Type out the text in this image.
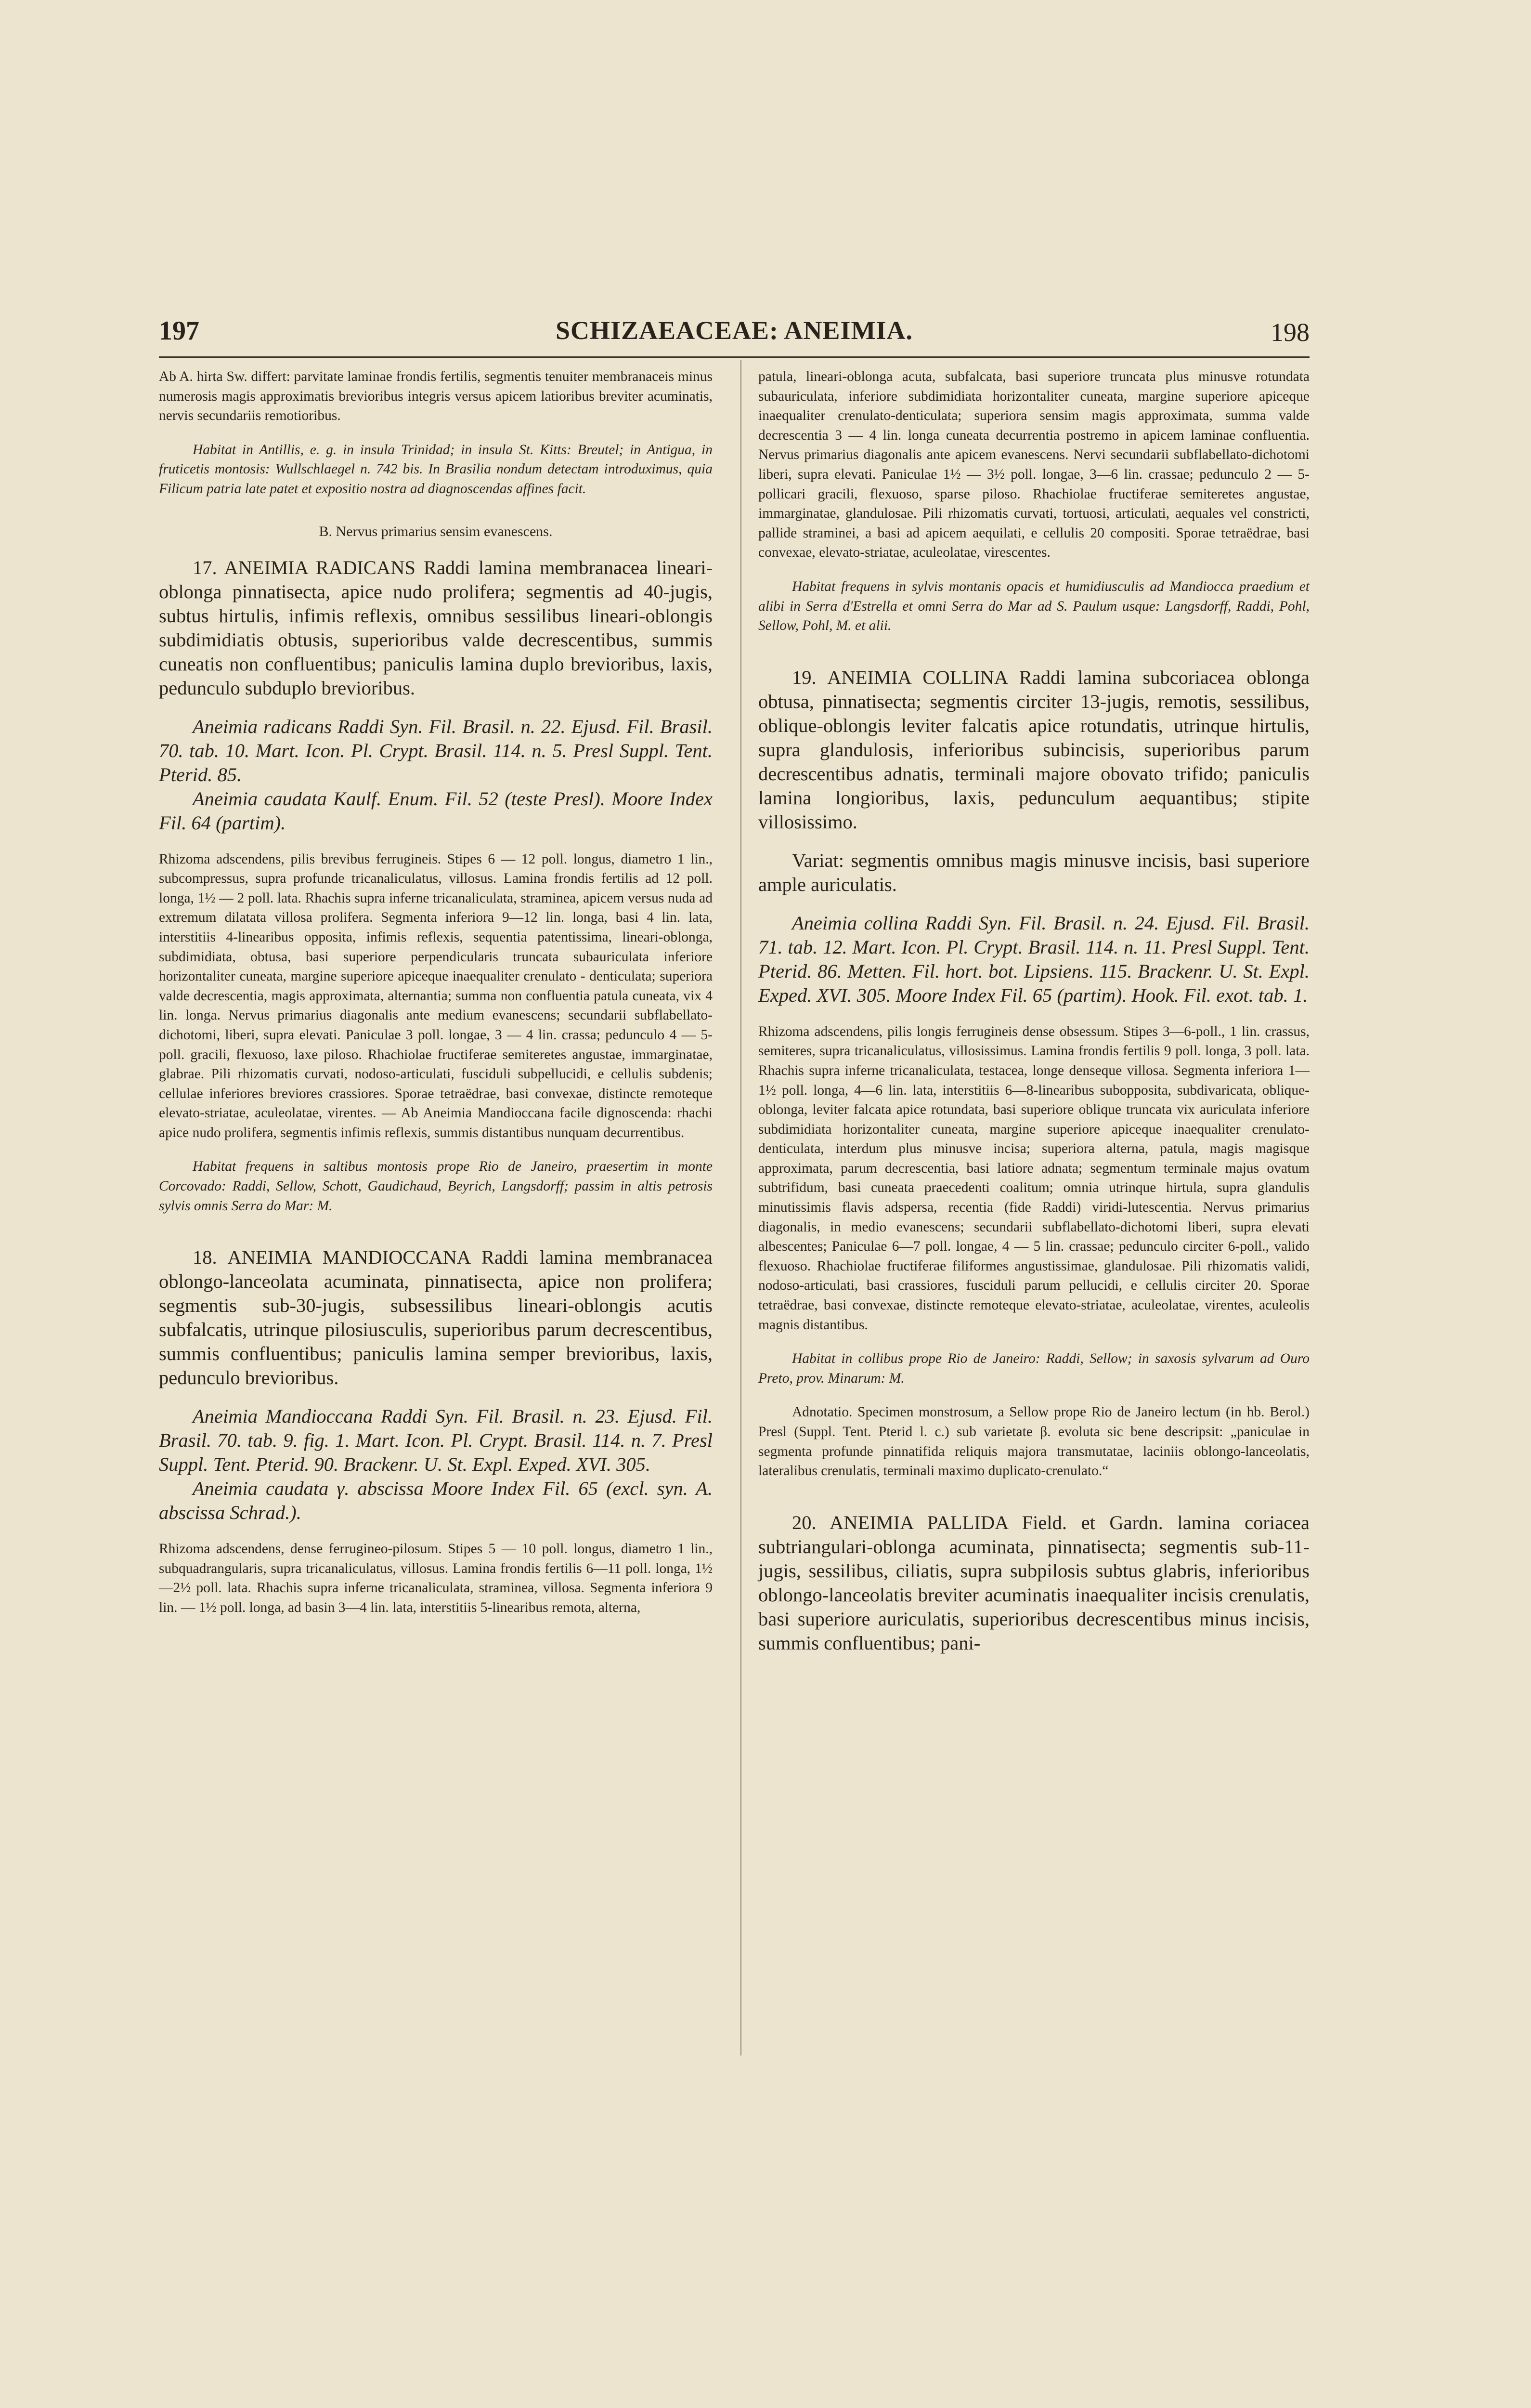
197	SCHIZAEACEAE: ANEIMIA.	198

Ab A. hirta Sw. differt: parvitate laminae frondis fertilis, segmentis tenuiter membranaceis minus numerosis magis approximatis brevioribus integris versus apicem latioribus breviter acuminatis, nervis secundariis remotioribus.

Habitat in Antillis, e. g. in insula Trinidad; in insula St. Kitts: Breutel; in Antigua, in fruticetis montosis: Wullschlaegel n. 742 bis. In Brasilia nondum detectam introduximus, quia Filicum patria late patet et expositio nostra ad diagnoscendas affines facit.

B. Nervus primarius sensim evanescens.

17. ANEIMIA RADICANS Raddi lamina membranacea lineari-oblonga pinnatisecta, apice nudo prolifera; segmentis ad 40-jugis, subtus hirtulis, infimis reflexis, omnibus sessilibus lineari-oblongis subdimidiatis obtusis, superioribus valde decrescentibus, summis cuneatis non confluentibus; paniculis lamina duplo brevioribus, laxis, pedunculo subduplo brevioribus.

Aneimia radicans Raddi Syn. Fil. Brasil. n. 22. Ejusd. Fil. Brasil. 70. tab. 10. Mart. Icon. Pl. Crypt. Brasil. 114. n. 5. Presl Suppl. Tent. Pterid. 85.

Aneimia caudata Kaulf. Enum. Fil. 52 (teste Presl). Moore Index Fil. 64 (partim).

Rhizoma adscendens, pilis brevibus ferrugineis. Stipes 6 — 12 poll. longus, diametro 1 lin., subcompressus, supra profunde tricanaliculatus, villosus. Lamina frondis fertilis ad 12 poll. longa, 1½ — 2 poll. lata. Rhachis supra inferne tricanaliculata, straminea, apicem versus nuda ad extremum dilatata villosa prolifera. Segmenta inferiora 9—12 lin. longa, basi 4 lin. lata, interstitiis 4-linearibus opposita, infimis reflexis, sequentia patentissima, lineari-oblonga, subdimidiata, obtusa, basi superiore perpendicularis truncata subauriculata inferiore horizontaliter cuneata, margine superiore apiceque inaequaliter crenulato - denticulata; superiora valde decrescentia, magis approximata, alternantia; summa non confluentia patula cuneata, vix 4 lin. longa. Nervus primarius diagonalis ante medium evanescens; secundarii subflabellato-dichotomi, liberi, supra elevati. Paniculae 3 poll. longae, 3 — 4 lin. crassa; pedunculo 4 — 5-poll. gracili, flexuoso, laxe piloso. Rhachiolae fructiferae semiteretes angustae, immarginatae, glabrae. Pili rhizomatis curvati, nodoso-articulati, fusciduli subpellucidi, e cellulis subdenis; cellulae inferiores breviores crassiores. Sporae tetraëdrae, basi convexae, distincte remoteque elevato-striatae, aculeolatae, virentes. — Ab Aneimia Mandioccana facile dignoscenda: rhachi apice nudo prolifera, segmentis infimis reflexis, summis distantibus nunquam decurrentibus.

Habitat frequens in saltibus montosis prope Rio de Janeiro, praesertim in monte Corcovado: Raddi, Sellow, Schott, Gaudichaud, Beyrich, Langsdorff; passim in altis petrosis sylvis omnis Serra do Mar: M.

18. ANEIMIA MANDIOCCANA Raddi lamina membranacea oblongo-lanceolata acuminata, pinnatisecta, apice non prolifera; segmentis sub-30-jugis, subsessilibus lineari-oblongis acutis subfalcatis, utrinque pilosiusculis, superioribus parum decrescentibus, summis confluentibus; paniculis lamina semper brevioribus, laxis, pedunculo brevioribus.

Aneimia Mandioccana Raddi Syn. Fil. Brasil. n. 23. Ejusd. Fil. Brasil. 70. tab. 9. fig. 1. Mart. Icon. Pl. Crypt. Brasil. 114. n. 7. Presl Suppl. Tent. Pterid. 90. Brackenr. U. St. Expl. Exped. XVI. 305.

Aneimia caudata γ. abscissa Moore Index Fil. 65 (excl. syn. A. abscissa Schrad.).

Rhizoma adscendens, dense ferrugineo-pilosum. Stipes 5 — 10 poll. longus, diametro 1 lin., subquadrangularis, supra tricanaliculatus, villosus. Lamina frondis fertilis 6—11 poll. longa, 1½—2½ poll. lata. Rhachis supra inferne tricanaliculata, straminea, villosa. Segmenta inferiora 9 lin. — 1½ poll. longa, ad basin 3—4 lin. lata, interstitiis 5-linearibus remota, alterna,

patula, lineari-oblonga acuta, subfalcata, basi superiore truncata plus minusve rotundata subauriculata, inferiore subdimidiata horizontaliter cuneata, margine superiore apiceque inaequaliter crenulato-denticulata; superiora sensim magis approximata, summa valde decrescentia 3 — 4 lin. longa cuneata decurrentia postremo in apicem laminae confluentia. Nervus primarius diagonalis ante apicem evanescens. Nervi secundarii subflabellato-dichotomi liberi, supra elevati. Paniculae 1½ — 3½ poll. longae, 3—6 lin. crassae; pedunculo 2 — 5-pollicari gracili, flexuoso, sparse piloso. Rhachiolae fructiferae semiteretes angustae, immarginatae, glandulosae. Pili rhizomatis curvati, tortuosi, articulati, aequales vel constricti, pallide straminei, a basi ad apicem aequilati, e cellulis 20 compositi. Sporae tetraëdrae, basi convexae, elevato-striatae, aculeolatae, virescentes.

Habitat frequens in sylvis montanis opacis et humidiusculis ad Mandiocca praedium et alibi in Serra d'Estrella et omni Serra do Mar ad S. Paulum usque: Langsdorff, Raddi, Pohl, Sellow, Pohl, M. et alii.

19. ANEIMIA COLLINA Raddi lamina subcoriacea oblonga obtusa, pinnatisecta; segmentis circiter 13-jugis, remotis, sessilibus, oblique-oblongis leviter falcatis apice rotundatis, utrinque hirtulis, supra glandulosis, inferioribus subincisis, superioribus parum decrescentibus adnatis, terminali majore obovato trifido; paniculis lamina longioribus, laxis, pedunculum aequantibus; stipite villosissimo.

Variat: segmentis omnibus magis minusve incisis, basi superiore ample auriculatis.

Aneimia collina Raddi Syn. Fil. Brasil. n. 24. Ejusd. Fil. Brasil. 71. tab. 12. Mart. Icon. Pl. Crypt. Brasil. 114. n. 11. Presl Suppl. Tent. Pterid. 86. Metten. Fil. hort. bot. Lipsiens. 115. Brackenr. U. St. Expl. Exped. XVI. 305. Moore Index Fil. 65 (partim). Hook. Fil. exot. tab. 1.

Rhizoma adscendens, pilis longis ferrugineis dense obsessum. Stipes 3—6-poll., 1 lin. crassus, semiteres, supra tricanaliculatus, villosissimus. Lamina frondis fertilis 9 poll. longa, 3 poll. lata. Rhachis supra inferne tricanaliculata, testacea, longe denseque villosa. Segmenta inferiora 1—1½ poll. longa, 4—6 lin. lata, interstitiis 6—8-linearibus subopposita, subdivaricata, oblique-oblonga, leviter falcata apice rotundata, basi superiore oblique truncata vix auriculata inferiore subdimidiata horizontaliter cuneata, margine superiore apiceque inaequaliter crenulato-denticulata, interdum plus minusve incisa; superiora alterna, patula, magis magisque approximata, parum decrescentia, basi latiore adnata; segmentum terminale majus ovatum subtrifidum, basi cuneata praecedenti coalitum; omnia utrinque hirtula, supra glandulis minutissimis flavis adspersa, recentia (fide Raddi) viridi-lutescentia. Nervus primarius diagonalis, in medio evanescens; secundarii subflabellato-dichotomi liberi, supra elevati albescentes; Paniculae 6—7 poll. longae, 4 — 5 lin. crassae; pedunculo circiter 6-poll., valido flexuoso. Rhachiolae fructiferae filiformes angustissimae, glandulosae. Pili rhizomatis validi, nodoso-articulati, basi crassiores, fusciduli parum pellucidi, e cellulis circiter 20. Sporae tetraëdrae, basi convexae, distincte remoteque elevato-striatae, aculeolatae, virentes, aculeolis magnis distantibus.

Habitat in collibus prope Rio de Janeiro: Raddi, Sellow; in saxosis sylvarum ad Ouro Preto, prov. Minarum: M.

Adnotatio. Specimen monstrosum, a Sellow prope Rio de Janeiro lectum (in hb. Berol.) Presl (Suppl. Tent. Pterid l. c.) sub varietate β. evoluta sic bene descripsit: „paniculae in segmenta profunde pinnatifida reliquis majora transmutatae, laciniis oblongo-lanceolatis, lateralibus crenulatis, terminali maximo duplicato-crenulato.“

20. ANEIMIA PALLIDA Field. et Gardn. lamina coriacea subtriangulari-oblonga acuminata, pinnatisecta; segmentis sub-11-jugis, sessilibus, ciliatis, supra subpilosis subtus glabris, inferioribus oblongo-lanceolatis breviter acuminatis inaequaliter incisis crenulatis, basi superiore auriculatis, superioribus decrescentibus minus incisis, summis confluentibus; pani-
